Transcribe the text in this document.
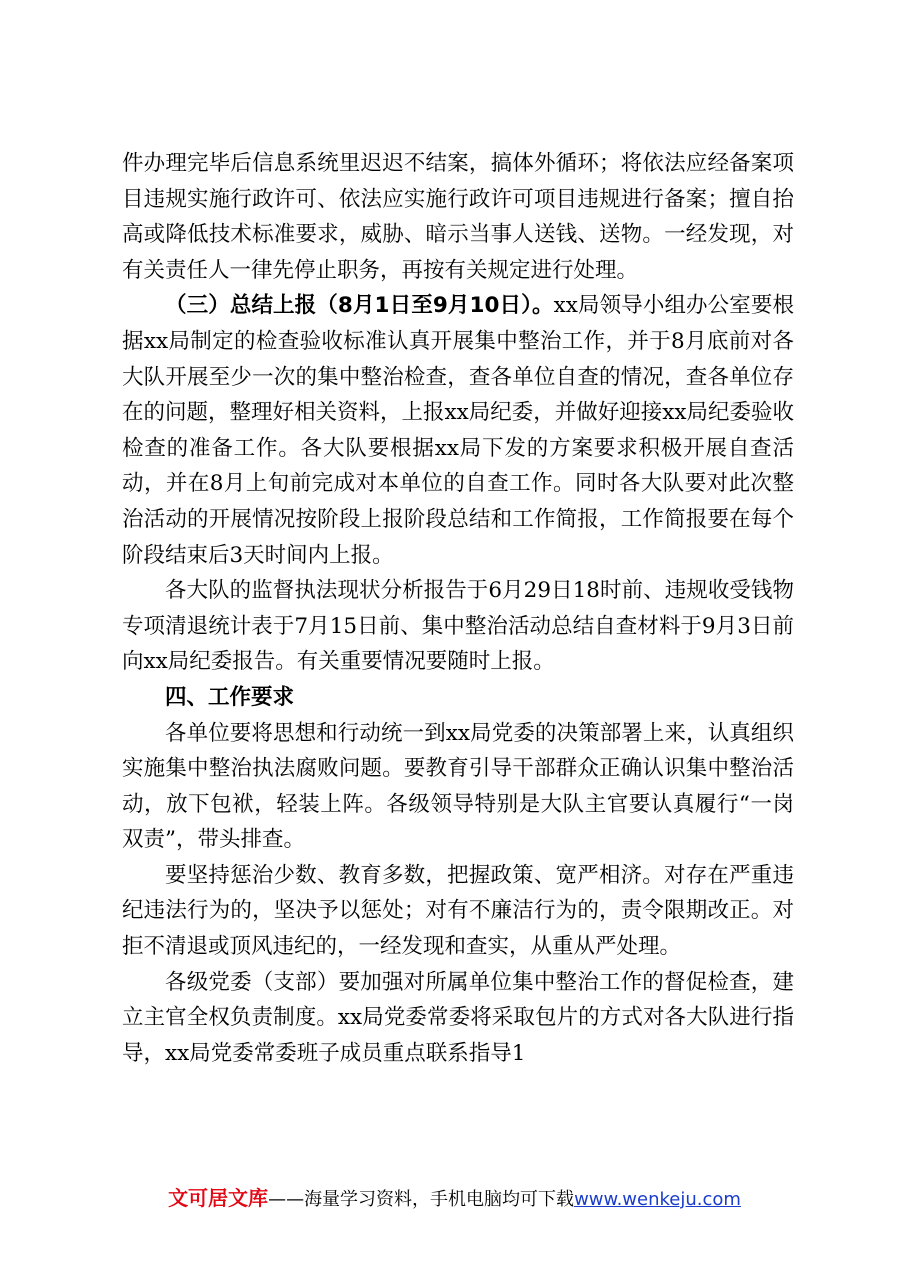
件办理完毕后信息系统里迟迟不结案，搞体外循环；将依法应经备案项目违规实施行政许可、依法应实施行政许可项目违规进行备案；擅自抬高或降低技术标准要求，威胁、暗示当事人送钱、送物。一经发现，对有关责任人一律先停止职务，再按有关规定进行处理。

（三）总结上报（8月1日至9月10日）。xx局领导小组办公室要根据xx局制定的检查验收标准认真开展集中整治工作，并于8月底前对各大队开展至少一次的集中整治检查，查各单位自查的情况，查各单位存在的问题，整理好相关资料，上报xx局纪委，并做好迎接xx局纪委验收检查的准备工作。各大队要根据xx局下发的方案要求积极开展自查活动，并在8月上旬前完成对本单位的自查工作。同时各大队要对此次整治活动的开展情况按阶段上报阶段总结和工作简报，工作简报要在每个阶段结束后3天时间内上报。

各大队的监督执法现状分析报告于6月29日18时前、违规收受钱物专项清退统计表于7月15日前、集中整治活动总结自查材料于9月3日前向xx局纪委报告。有关重要情况要随时上报。

四、工作要求

各单位要将思想和行动统一到xx局党委的决策部署上来，认真组织实施集中整治执法腐败问题。要教育引导干部群众正确认识集中整治活动，放下包袱，轻装上阵。各级领导特别是大队主官要认真履行“一岗双责”，带头排查。

要坚持惩治少数、教育多数，把握政策、宽严相济。对存在严重违纪违法行为的，坚决予以惩处；对有不廉洁行为的，责令限期改正。对拒不清退或顶风违纪的，一经发现和查实，从重从严处理。

各级党委（支部）要加强对所属单位集中整治工作的督促检查，建立主官全权负责制度。xx局党委常委将采取包片的方式对各大队进行指导，xx局党委常委班子成员重点联系指导1

文可居文库——海量学习资料，手机电脑均可下载www.wenkeju.com
